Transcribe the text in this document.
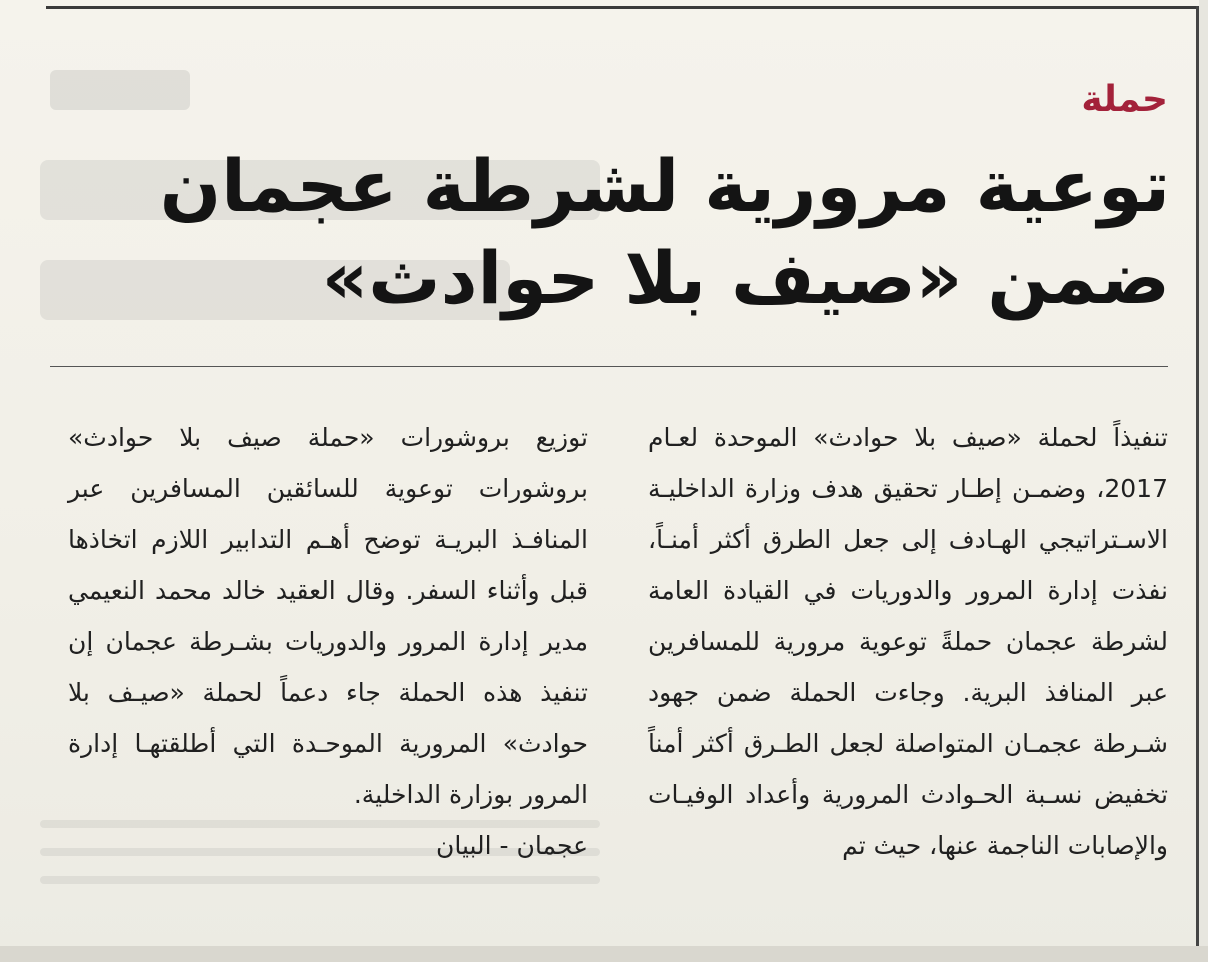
حملة
توعية مرورية لشرطة عجمان
ضمن «صيف بلا حوادث»

تنفيذاً لحملة «صيف بلا حوادث» الموحدة لعـام 2017، وضمـن إطـار تحقيق هدف وزارة الداخليـة الاسـتراتيجي الهـادف إلى جعل الطرق أكثر أمنـاً، نفذت إدارة المرور والدوريات في القيادة العامة لشرطة عجمان حملةً توعوية مرورية للمسافرين عبر المنافذ البرية. وجاءت الحملة ضمن جهود شـرطة عجمـان المتواصلة لجعل الطـرق أكثر أمناً تخفيض نسـبة الحـوادث المرورية وأعداد الوفيـات والإصابات الناجمة عنها، حيث تم

توزيع بروشورات «حملة صيف بلا حوادث» بروشورات توعوية للسائقين المسافرين عبر المنافـذ البريـة توضح أهـم التدابير اللازم اتخاذها قبل وأثناء السفر. وقال العقيد خالد محمد النعيمي مدير إدارة المرور والدوريات بشـرطة عجمان إن تنفيذ هذه الحملة جاء دعماً لحملة «صيـف بلا حوادث» المرورية الموحـدة التي أطلقتهـا إدارة المرور بوزارة الداخلية.

عجمان - البيان
